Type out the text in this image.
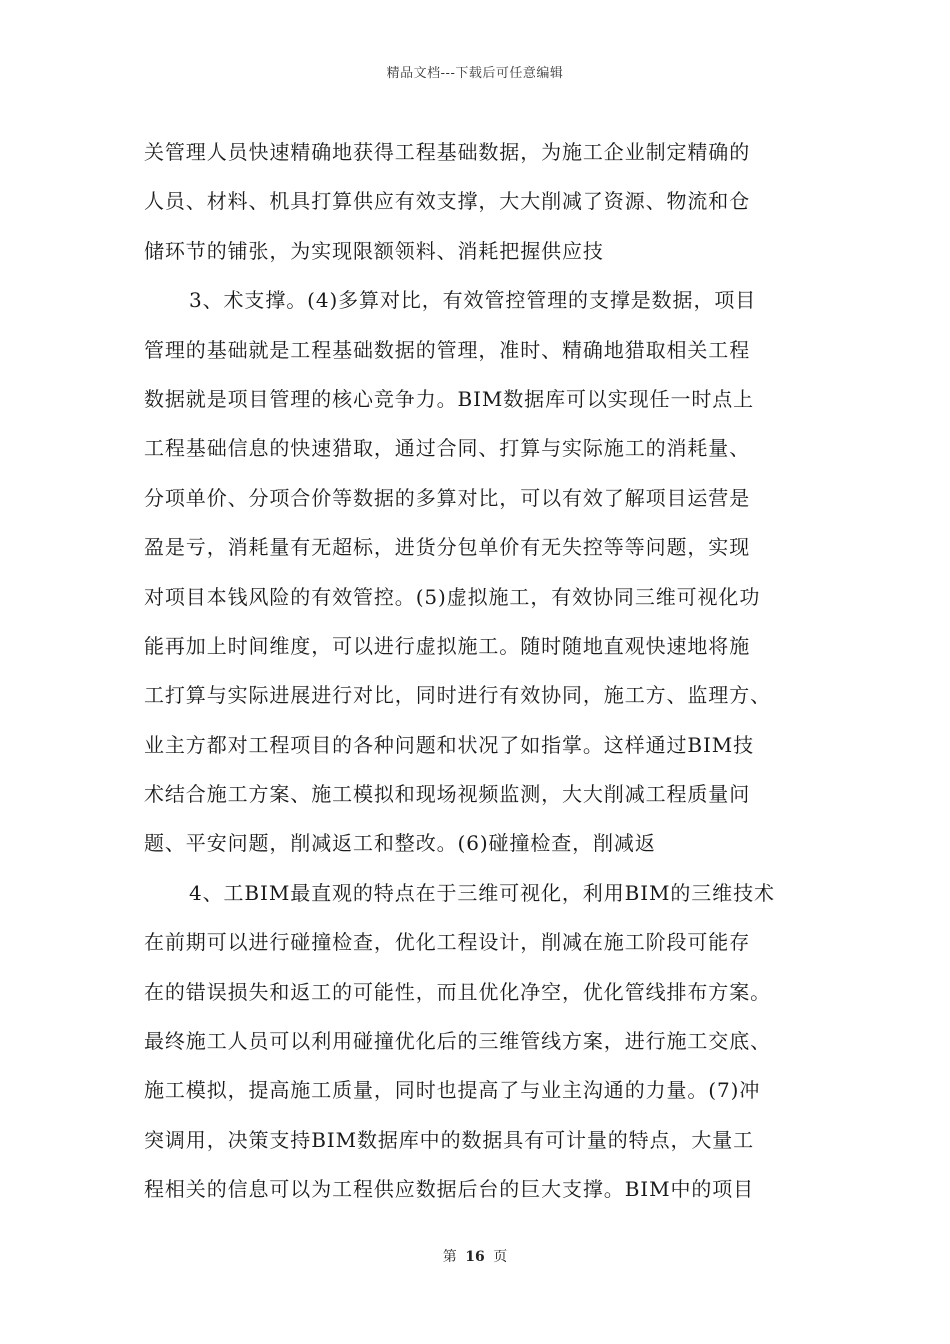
精品文档---下载后可任意编辑
关管理人员快速精确地获得工程基础数据，为施工企业制定精确的
人员、材料、机具打算供应有效支撑，大大削减了资源、物流和仓
储环节的铺张，为实现限额领料、消耗把握供应技
3、术支撑。(4)多算对比，有效管控管理的支撑是数据，项目
管理的基础就是工程基础数据的管理，准时、精确地猎取相关工程
数据就是项目管理的核心竞争力。BIM数据库可以实现任一时点上
工程基础信息的快速猎取，通过合同、打算与实际施工的消耗量、
分项单价、分项合价等数据的多算对比，可以有效了解项目运营是
盈是亏，消耗量有无超标，进货分包单价有无失控等等问题，实现
对项目本钱风险的有效管控。(5)虚拟施工，有效协同三维可视化功
能再加上时间维度，可以进行虚拟施工。随时随地直观快速地将施
工打算与实际进展进行对比，同时进行有效协同，施工方、监理方、
业主方都对工程项目的各种问题和状况了如指掌。这样通过BIM技
术结合施工方案、施工模拟和现场视频监测，大大削减工程质量问
题、平安问题，削减返工和整改。(6)碰撞检查，削减返
4、工BIM最直观的特点在于三维可视化，利用BIM的三维技术
在前期可以进行碰撞检查，优化工程设计，削减在施工阶段可能存
在的错误损失和返工的可能性，而且优化净空，优化管线排布方案。
最终施工人员可以利用碰撞优化后的三维管线方案，进行施工交底、
施工模拟，提高施工质量，同时也提高了与业主沟通的力量。(7)冲
突调用，决策支持BIM数据库中的数据具有可计量的特点，大量工
程相关的信息可以为工程供应数据后台的巨大支撑。BIM中的项目
第 16 页
